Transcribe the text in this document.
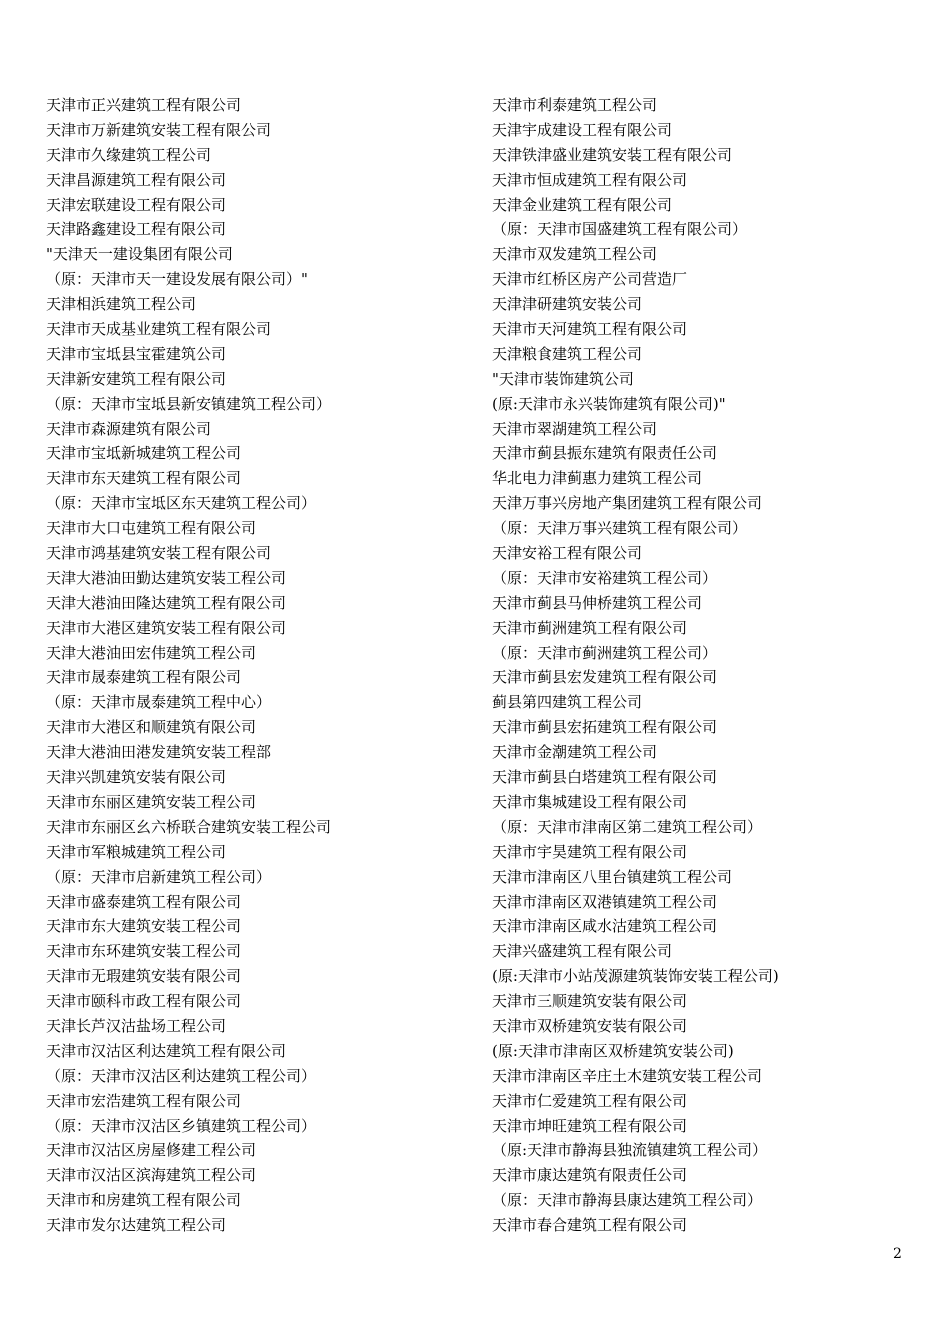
天津市正兴建筑工程有限公司
天津市万新建筑安装工程有限公司
天津市久缘建筑工程公司
天津昌源建筑工程有限公司
天津宏联建设工程有限公司
天津路鑫建设工程有限公司
"天津天一建设集团有限公司
（原：天津市天一建设发展有限公司）"
天津相浜建筑工程公司
天津市天成基业建筑工程有限公司
天津市宝坻县宝霍建筑公司
天津新安建筑工程有限公司
（原：天津市宝坻县新安镇建筑工程公司）
天津市森源建筑有限公司
天津市宝坻新城建筑工程公司
天津市东天建筑工程有限公司
（原：天津市宝坻区东天建筑工程公司）
天津市大口屯建筑工程有限公司
天津市鸿基建筑安装工程有限公司
天津大港油田勤达建筑安装工程公司
天津大港油田隆达建筑工程有限公司
天津市大港区建筑安装工程有限公司
天津大港油田宏伟建筑工程公司
天津市晟泰建筑工程有限公司
（原：天津市晟泰建筑工程中心）
天津市大港区和顺建筑有限公司
天津大港油田港发建筑安装工程部
天津兴凯建筑安装有限公司
天津市东丽区建筑安装工程公司
天津市东丽区幺六桥联合建筑安装工程公司
天津市军粮城建筑工程公司
（原：天津市启新建筑工程公司）
天津市盛泰建筑工程有限公司
天津市东大建筑安装工程公司
天津市东环建筑安装工程公司
天津市无瑕建筑安装有限公司
天津市颐科市政工程有限公司
天津长芦汉沽盐场工程公司
天津市汉沽区利达建筑工程有限公司
（原：天津市汉沽区利达建筑工程公司）
天津市宏浩建筑工程有限公司
（原：天津市汉沽区乡镇建筑工程公司）
天津市汉沽区房屋修建工程公司
天津市汉沽区滨海建筑工程公司
天津市和房建筑工程有限公司
天津市发尔达建筑工程公司
天津市利泰建筑工程公司
天津宇成建设工程有限公司
天津铁津盛业建筑安装工程有限公司
天津市恒成建筑工程有限公司
天津金业建筑工程有限公司
（原：天津市国盛建筑工程有限公司）
天津市双发建筑工程公司
天津市红桥区房产公司营造厂
天津津研建筑安装公司
天津市天河建筑工程有限公司
天津粮食建筑工程公司
"天津市装饰建筑公司
(原:天津市永兴装饰建筑有限公司)"
天津市翠湖建筑工程公司
天津市蓟县振东建筑有限责任公司
华北电力津蓟惠力建筑工程公司
天津万事兴房地产集团建筑工程有限公司
（原：天津万事兴建筑工程有限公司）
天津安裕工程有限公司
（原：天津市安裕建筑工程公司）
天津市蓟县马伸桥建筑工程公司
天津市蓟洲建筑工程有限公司
（原：天津市蓟洲建筑工程公司）
天津市蓟县宏发建筑工程有限公司
蓟县第四建筑工程公司
天津市蓟县宏拓建筑工程有限公司
天津市金潮建筑工程公司
天津市蓟县白塔建筑工程有限公司
天津市集城建设工程有限公司
（原：天津市津南区第二建筑工程公司）
天津市宇昊建筑工程有限公司
天津市津南区八里台镇建筑工程公司
天津市津南区双港镇建筑工程公司
天津市津南区咸水沽建筑工程公司
天津兴盛建筑工程有限公司
(原:天津市小站茂源建筑装饰安装工程公司)
天津市三顺建筑安装有限公司
天津市双桥建筑安装有限公司
(原:天津市津南区双桥建筑安装公司)
天津市津南区辛庄土木建筑安装工程公司
天津市仁爱建筑工程有限公司
天津市坤旺建筑工程有限公司
（原:天津市静海县独流镇建筑工程公司）
天津市康达建筑有限责任公司
（原：天津市静海县康达建筑工程公司）
天津市春合建筑工程有限公司
2
